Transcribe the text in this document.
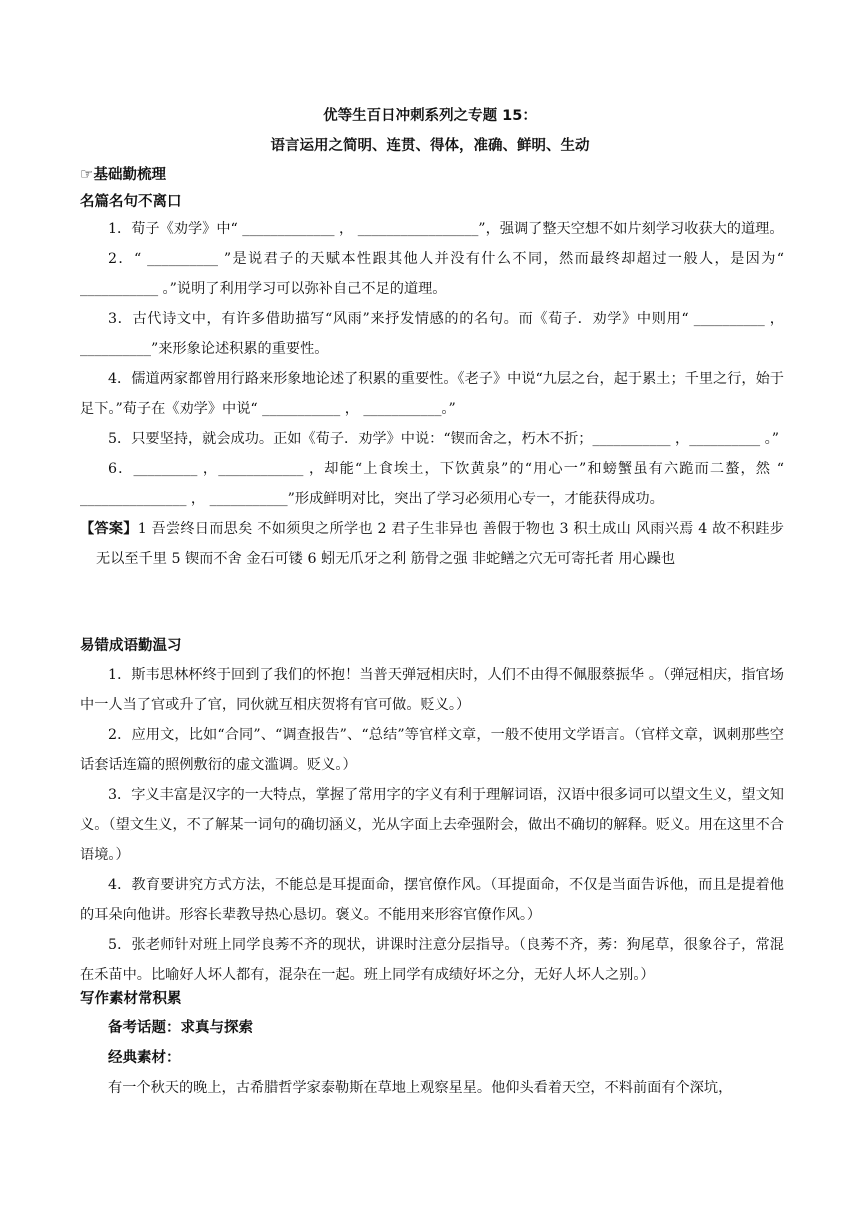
优等生百日冲刺系列之专题 15：
语言运用之简明、连贯、得体，准确、鲜明、生动
☞基础勤梳理
名篇名句不离口

1．荀子《劝学》中“ _____________ ， _________________”，强调了整天空想不如片刻学习收获大的道理。

2．“ __________ ”是说君子的天赋本性跟其他人并没有什么不同，然而最终却超过一般人，是因为“ ___________ 。”说明了利用学习可以弥补自己不足的道理。

3．古代诗文中，有许多借助描写“风雨”来抒发情感的的名句。而《荀子．劝学》中则用“ __________ ， __________”来形象论述积累的重要性。

4．儒道两家都曾用行路来形象地论述了积累的重要性。《老子》中说“九层之台，起于累土；千里之行，始于足下。”荀子在《劝学》中说“ ___________ ， ___________。”

5．只要坚持，就会成功。正如《荀子．劝学》中说：“锲而舍之，朽木不折；___________ ，__________ 。”

6．_________ ，____________ ，却能“上食埃土，下饮黄泉”的“用心一”和螃蟹虽有六跪而二螯，然 “ _______________ ， ___________”形成鲜明对比，突出了学习必须用心专一，才能获得成功。

【答案】1 吾尝终日而思矣 不如须臾之所学也 2 君子生非异也 善假于物也 3 积土成山 风雨兴焉 4 故不积跬步 无以至千里 5 锲而不舍 金石可镂 6 蚓无爪牙之利 筋骨之强 非蛇鳝之穴无可寄托者 用心躁也

易错成语勤温习

1．斯韦思林杯终于回到了我们的怀抱！当普天弹冠相庆时，人们不由得不佩服蔡振华 。（弹冠相庆，指官场中一人当了官或升了官，同伙就互相庆贺将有官可做。贬义。）

2．应用文，比如“合同”、“调查报告”、“总结”等官样文章，一般不使用文学语言。（官样文章，讽刺那些空话套话连篇的照例敷衍的虚文滥调。贬义。）

3．字义丰富是汉字的一大特点，掌握了常用字的字义有利于理解词语，汉语中很多词可以望文生义，望文知义。（望文生义，不了解某一词句的确切涵义，光从字面上去牵强附会，做出不确切的解释。贬义。用在这里不合语境。）

4．教育要讲究方式方法，不能总是耳提面命，摆官僚作风。（耳提面命，不仅是当面告诉他，而且是提着他的耳朵向他讲。形容长辈教导热心恳切。褒义。不能用来形容官僚作风。）

5．张老师针对班上同学良莠不齐的现状，讲课时注意分层指导。（良莠不齐，莠：狗尾草，很象谷子，常混在禾苗中。比喻好人坏人都有，混杂在一起。班上同学有成绩好坏之分，无好人坏人之别。）

写作素材常积累
备考话题：求真与探索
经典素材：

有一个秋天的晚上，古希腊哲学家泰勒斯在草地上观察星星。他仰头看着天空，不料前面有个深坑，
